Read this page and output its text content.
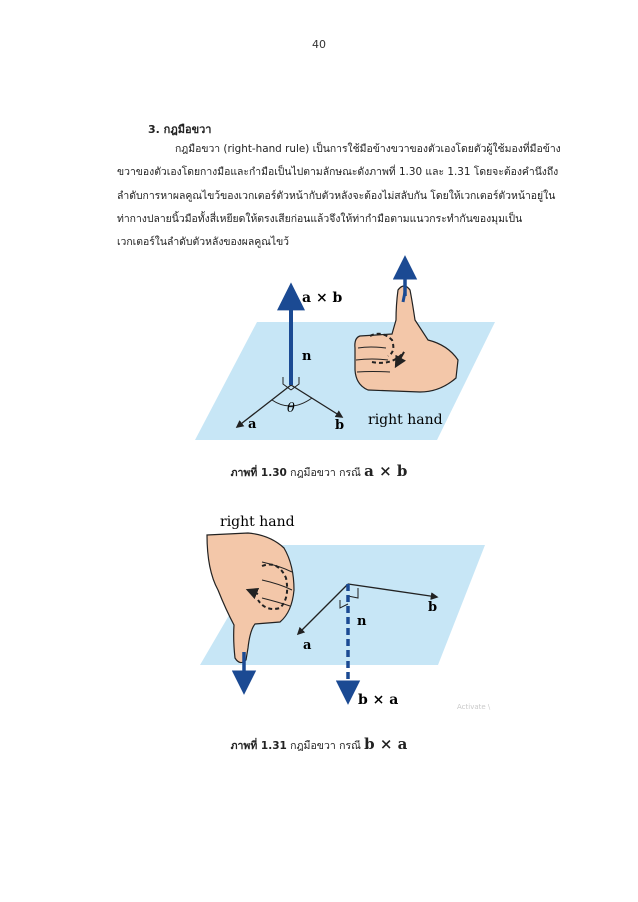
40
3. กฎมือขวา

กฎมือขวา (right-hand rule) เป็นการใช้มือข้างขวาของตัวเองโดยตัวผู้ใช้มองที่มือข้าง

ขวาของตัวเองโดยกางมือและกำมือเป็นไปตามลักษณะดังภาพที่ 1.30 และ 1.31 โดยจะต้องคำนึงถึง

ลำดับการหาผลคูณไขว้ของเวกเตอร์ตัวหน้ากับตัวหลังจะต้องไม่สลับกัน โดยให้เวกเตอร์ตัวหน้าอยู่ใน

ท่ากางปลายนิ้วมือทั้งสี่เหยียดให้ตรงเสียก่อนแล้วจึงให้ท่ากำมือตามแนวกระทำกันของมุมเป็น

เวกเตอร์ในลำดับตัวหลังของผลคูณไขว้

a × b
n
θ
a	b right hand
right hand
b
n
a
b × a
ภาพที่ 1.30 กฎมือขวา กรณี a × b
Activate \
ภาพที่ 1.31 กฎมือขวา กรณี b × a
